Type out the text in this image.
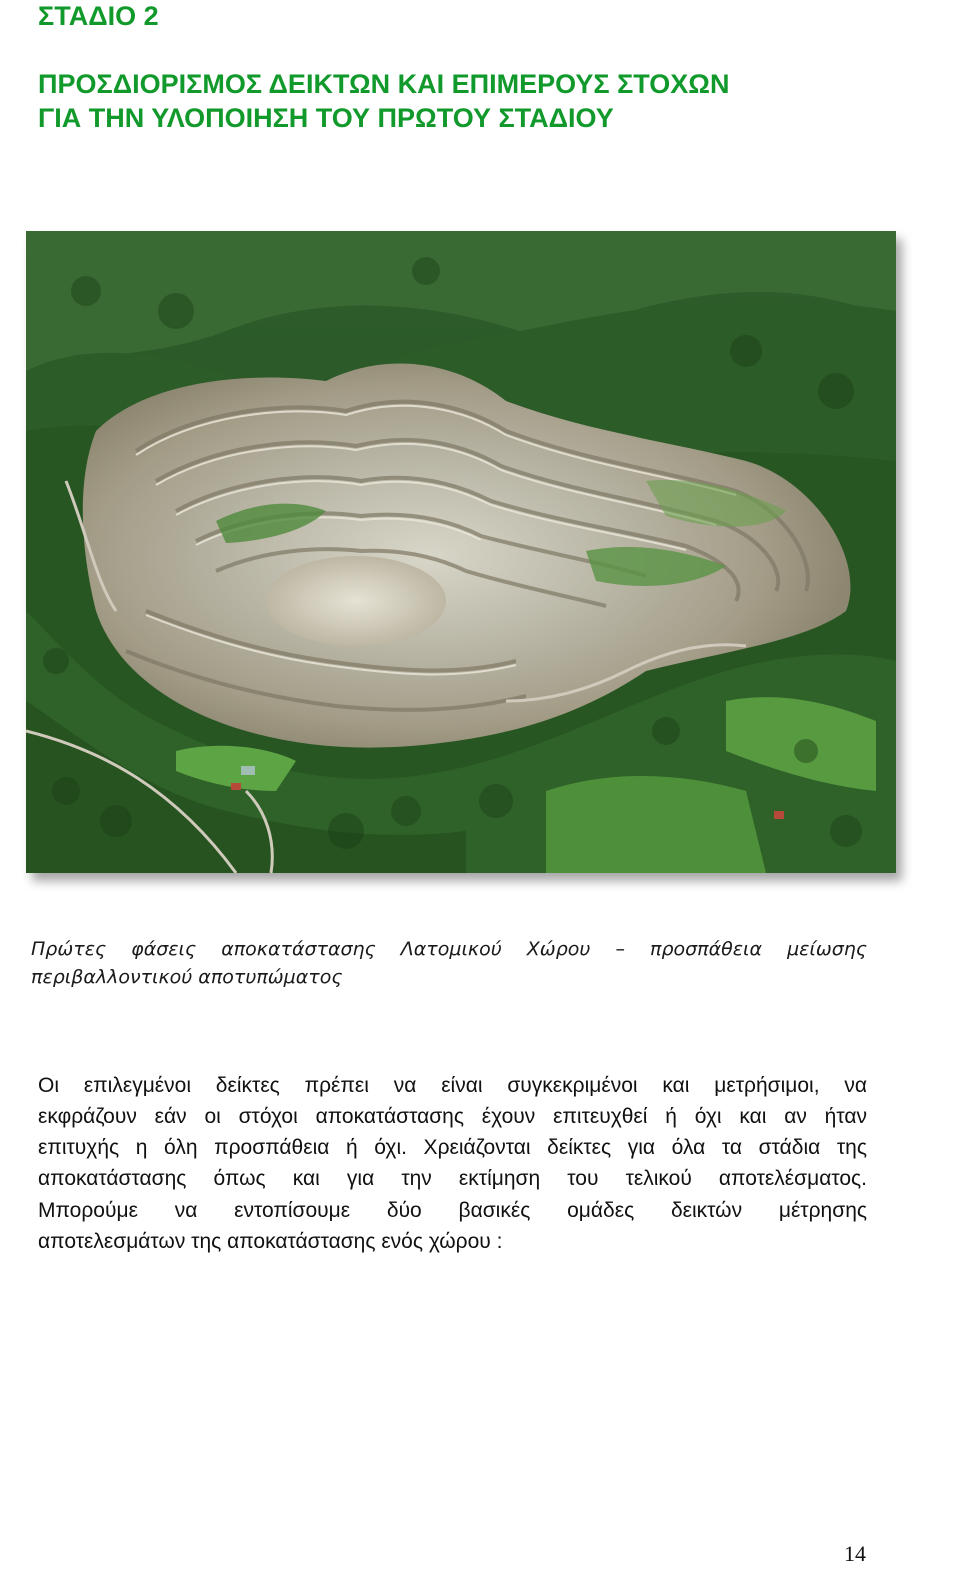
ΣΤΑΔΙΟ 2
ΠΡΟΣΔΙΟΡΙΣΜΟΣ ΔΕΙΚΤΩΝ ΚΑΙ ΕΠΙΜΕΡΟΥΣ ΣΤΟΧΩΝ
ΓΙΑ ΤΗΝ ΥΛΟΠΟΙΗΣΗ ΤΟΥ ΠΡΩΤΟΥ ΣΤΑΔΙΟΥ
Πρώτες φάσεις αποκατάστασης Λατομικού Χώρου – προσπάθεια μείωσης
περιβαλλοντικού αποτυπώματος
Οι επιλεγμένοι δείκτες πρέπει να είναι συγκεκριμένοι και μετρήσιμοι, να
εκφράζουν εάν οι στόχοι αποκατάστασης έχουν επιτευχθεί ή όχι και αν ήταν
επιτυχής η όλη προσπάθεια ή όχι. Χρειάζονται δείκτες για όλα τα στάδια της
αποκατάστασης όπως και για την εκτίμηση του τελικού αποτελέσματος.
Μπορούμε να εντοπίσουμε δύο βασικές ομάδες δεικτών μέτρησης
αποτελεσμάτων της αποκατάστασης ενός χώρου :
14
